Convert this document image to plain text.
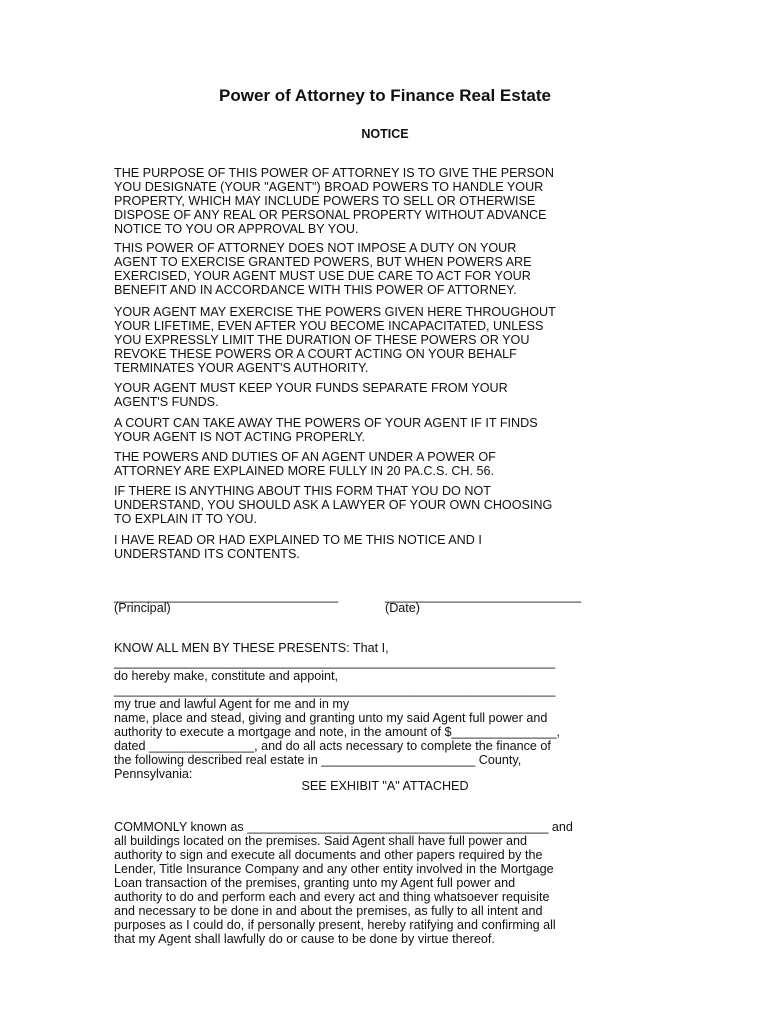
Power of Attorney to Finance Real Estate
NOTICE
THE PURPOSE OF THIS POWER OF ATTORNEY IS TO GIVE THE PERSON
YOU DESIGNATE (YOUR "AGENT") BROAD POWERS TO HANDLE YOUR
PROPERTY, WHICH MAY INCLUDE POWERS TO SELL OR OTHERWISE
DISPOSE OF ANY REAL OR PERSONAL PROPERTY WITHOUT ADVANCE
NOTICE TO YOU OR APPROVAL BY YOU.
THIS POWER OF ATTORNEY DOES NOT IMPOSE A DUTY ON YOUR
AGENT TO EXERCISE GRANTED POWERS, BUT WHEN POWERS ARE
EXERCISED, YOUR AGENT MUST USE DUE CARE TO ACT FOR YOUR
BENEFIT AND IN ACCORDANCE WITH THIS POWER OF ATTORNEY.
YOUR AGENT MAY EXERCISE THE POWERS GIVEN HERE THROUGHOUT
YOUR LIFETIME, EVEN AFTER YOU BECOME INCAPACITATED, UNLESS
YOU EXPRESSLY LIMIT THE DURATION OF THESE POWERS OR YOU
REVOKE THESE POWERS OR A COURT ACTING ON YOUR BEHALF
TERMINATES YOUR AGENT'S AUTHORITY.
YOUR AGENT MUST KEEP YOUR FUNDS SEPARATE FROM YOUR
AGENT'S FUNDS.
A COURT CAN TAKE AWAY THE POWERS OF YOUR AGENT IF IT FINDS
YOUR AGENT IS NOT ACTING PROPERLY.
THE POWERS AND DUTIES OF AN AGENT UNDER A POWER OF
ATTORNEY ARE EXPLAINED MORE FULLY IN 20 PA.C.S. CH. 56.
IF THERE IS ANYTHING ABOUT THIS FORM THAT YOU DO NOT
UNDERSTAND, YOU SHOULD ASK A LAWYER OF YOUR OWN CHOOSING
TO EXPLAIN IT TO YOU.
I HAVE READ OR HAD EXPLAINED TO ME THIS NOTICE AND I
UNDERSTAND ITS CONTENTS.
________________________________	____________________________
(Principal)	(Date)
KNOW ALL MEN BY THESE PRESENTS: That I,
_______________________________________________________________
do hereby make, constitute and appoint,
_______________________________________________________________
my true and lawful Agent for me and in my
name, place and stead, giving and granting unto my said Agent full power and
authority to execute a mortgage and note, in the amount of $_______________,
dated _______________, and do all acts necessary to complete the finance of
the following described real estate in ______________________ County,
Pennsylvania:
SEE EXHIBIT "A" ATTACHED
COMMONLY known as ___________________________________________ and
all buildings located on the premises. Said Agent shall have full power and
authority to sign and execute all documents and other papers required by the
Lender, Title Insurance Company and any other entity involved in the Mortgage
Loan transaction of the premises, granting unto my Agent full power and
authority to do and perform each and every act and thing whatsoever requisite
and necessary to be done in and about the premises, as fully to all intent and
purposes as I could do, if personally present, hereby ratifying and confirming all
that my Agent shall lawfully do or cause to be done by virtue thereof.
